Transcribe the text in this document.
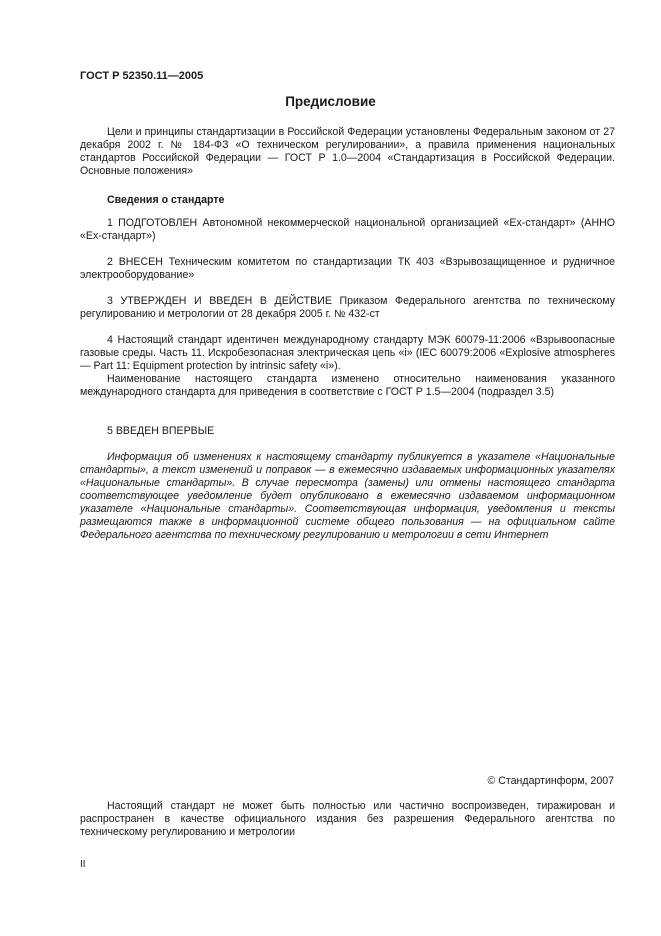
ГОСТ Р 52350.11—2005
Предисловие

Цели и принципы стандартизации в Российской Федерации установлены Федеральным законом от 27 декабря 2002 г. № 184-ФЗ «О техническом регулировании», а правила применения национальных стандартов Российской Федерации — ГОСТ Р 1.0—2004 «Стандартизация в Российской Федерации. Основные положения»

Сведения о стандарте

1 ПОДГОТОВЛЕН Автономной некоммерческой национальной организацией «Ех-стандарт» (АННО «Ех-стандарт»)

2 ВНЕСЕН Техническим комитетом по стандартизации ТК 403 «Взрывозащищенное и рудничное электрооборудование»

3 УТВЕРЖДЕН И ВВЕДЕН В ДЕЙСТВИЕ Приказом Федерального агентства по техническому регулированию и метрологии от 28 декабря 2005 г. № 432-ст

4 Настоящий стандарт идентичен международному стандарту МЭК 60079-11:2006 «Взрывоопасные газовые среды. Часть 11. Искробезопасная электрическая цепь «i» (IEC 60079:2006 «Explosive atmospheres — Part 11: Equipment protection by intrinsic safety «i»).

Наименование настоящего стандарта изменено относительно наименования указанного международного стандарта для приведения в соответствие с ГОСТ Р 1.5—2004 (подраздел 3.5)

5 ВВЕДЕН ВПЕРВЫЕ

Информация об изменениях к настоящему стандарту публикуется в указателе «Национальные стандарты», а текст изменений и поправок — в ежемесячно издаваемых информационных указателях «Национальные стандарты». В случае пересмотра (замены) или отмены настоящего стандарта соответствующее уведомление будет опубликовано в ежемесячно издаваемом информационном указателе «Национальные стандарты». Соответствующая информация, уведомления и тексты размещаются также в информационной системе общего пользования — на официальном сайте Федерального агентства по техническому регулированию и метрологии в сети Интернет

© Стандартинформ, 2007

Настоящий стандарт не может быть полностью или частично воспроизведен, тиражирован и распространен в качестве официального издания без разрешения Федерального агентства по техническому регулированию и метрологии

II
